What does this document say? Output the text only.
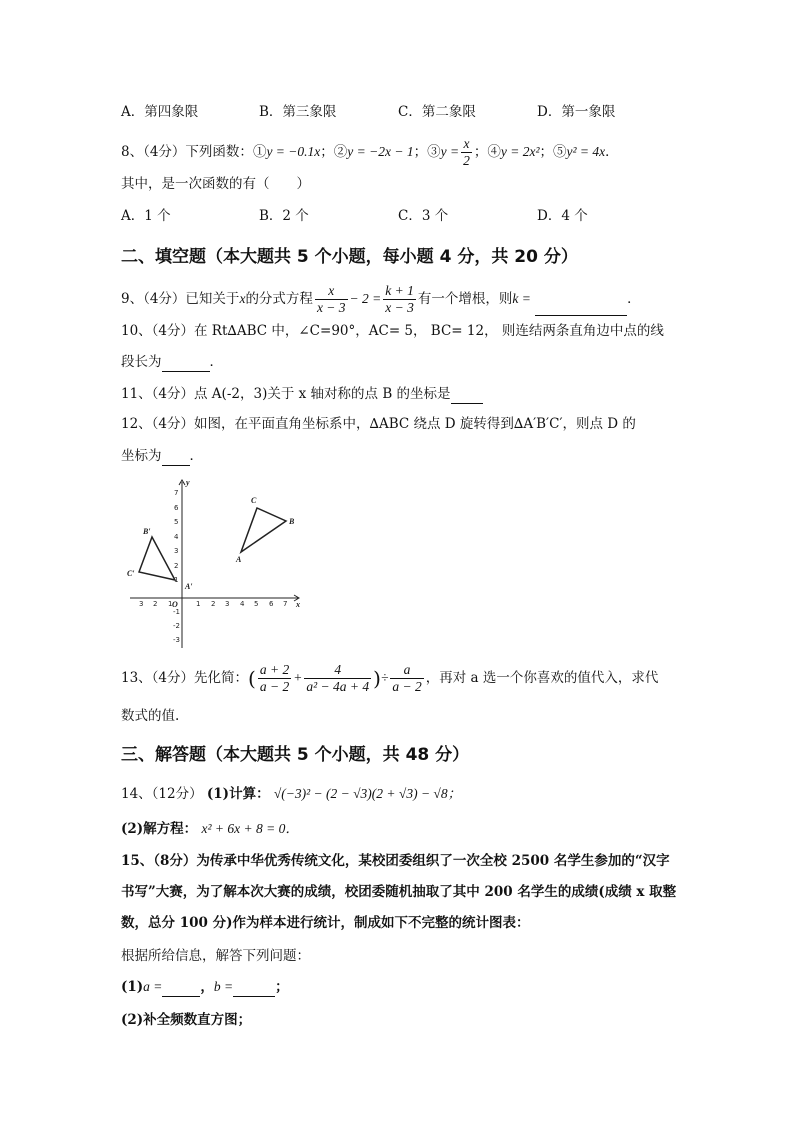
A．第四象限	B．第三象限	C．第二象限	D．第一象限
8、（4分）下列函数：①y = −0.1x；②y = −2x − 1；③y = $\frac{x}{2}$ ；④y = 2x²；⑤y² = 4x．
其中，是一次函数的有（　　）
A．1 个	B．2 个	C．3 个	D．4 个
二、填空题（本大题共 5 个小题，每小题 4 分，共 20 分）
9、（4分）已知关于x的分式方程 $\frac{x}{x - 3} - 2 = \frac{k + 1}{x - 3}$ 有一个增根，则k =	．
10、（4分）在 Rt∆ABC 中，∠C=90°，AC= 5， BC= 12， 则连结两条直角边中点的线
段长为	．
11、（4分）点 A(-2，3)关于 x 轴对称的点 B 的坐标是
12、（4分）如图，在平面直角坐标系中，∆ABC 绕点 D 旋转得到∆A′B′C′，则点 D 的
坐标为 ．
3 2 1	1 2 3 4 5 6 7
7
6
5
4
3
2
1
-1
-2
-3
x
y
O
A
B
C
A′
B′
C′
13、（4分）先化简：( $\frac{a + 2}{a - 2} + \frac{4}{\text{a² − 4a + 4}}$ )÷ $\frac{a}{a - 2}$ ，再对 a 选一个你喜欢的值代入，求代
数式的值.
三、解答题（本大题共 5 个小题，共 48 分）
14、（12分） (1)计算： √(−3)² − (2 − √3)(2 + √3) − √8；
(2)解方程： x² + 6x + 8 = 0．
15、（8分）为传承中华优秀传统文化，某校团委组织了一次全校 2500 名学生参加的“汉字
书写”大赛，为了解本次大赛的成绩，校团委随机抽取了其中 200 名学生的成绩(成绩 x 取整
数，总分 100 分)作为样本进行统计，制成如下不完整的统计图表：
根据所给信息，解答下列问题：
(1)a =	，b =	；
(2)补全频数直方图；
